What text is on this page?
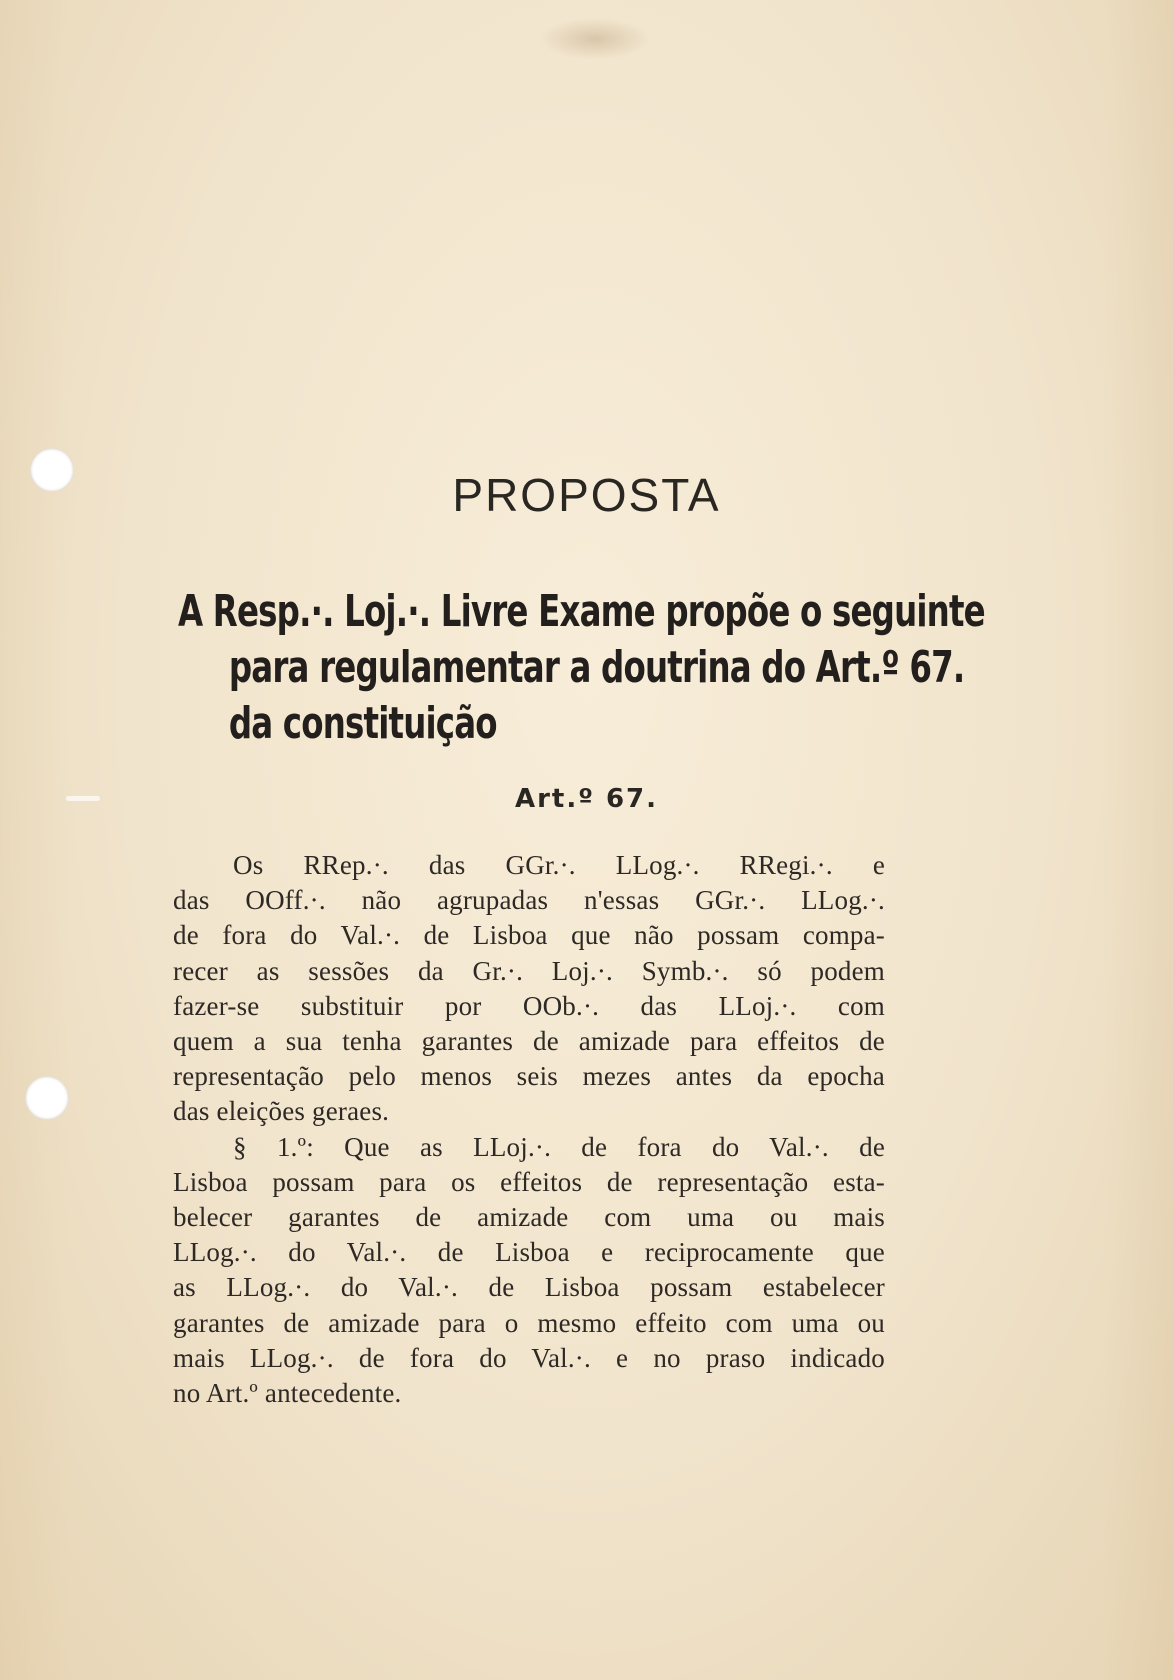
PROPOSTA
A Resp.·. Loj.·. Livre Exame propõe o seguinte
para regulamentar a doutrina do Art.º 67.
da constituição
Art.º 67.
Os RRep.·. das GGr.·. LLog.·. RRegi.·. e
das OOff.·. não agrupadas n'essas GGr.·. LLog.·.
de fora do Val.·. de Lisboa que não possam compa-
recer as sessões da Gr.·. Loj.·. Symb.·. só podem
fazer-se substituir por OOb.·. das LLoj.·. com
quem a sua tenha garantes de amizade para effeitos de
representação pelo menos seis mezes antes da epocha
das eleições geraes.
§ 1.º: Que as LLoj.·. de fora do Val.·. de
Lisboa possam para os effeitos de representação esta-
belecer garantes de amizade com uma ou mais
LLog.·. do Val.·. de Lisboa e reciprocamente que
as LLog.·. do Val.·. de Lisboa possam estabelecer
garantes de amizade para o mesmo effeito com uma ou
mais LLog.·. de fora do Val.·. e no praso indicado
no Art.º antecedente.
